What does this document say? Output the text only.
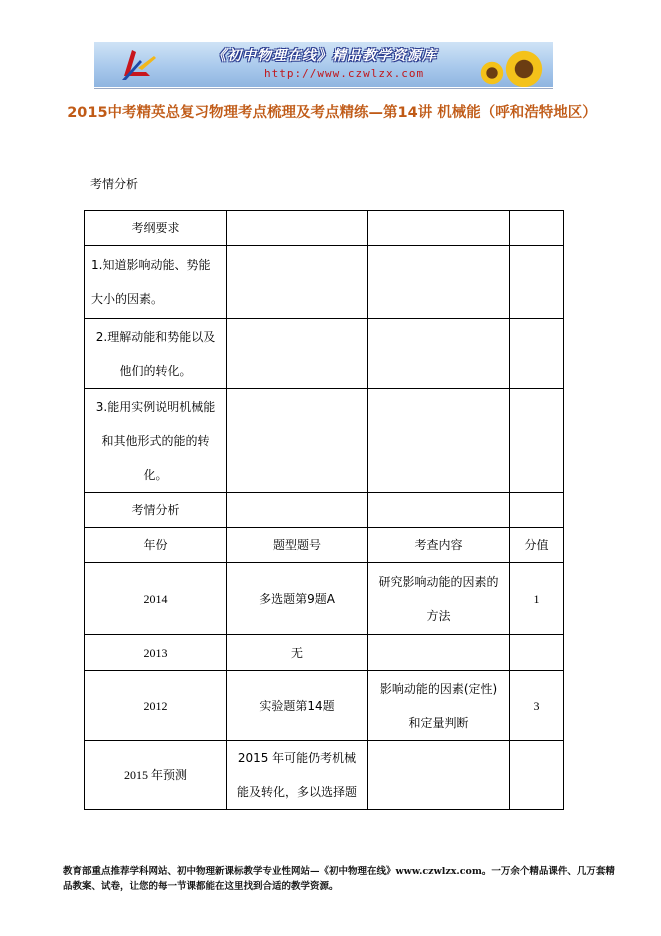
《初中物理在线》精品教学资源库
http://www.czwlzx.com
2015中考精英总复习物理考点梳理及考点精练—第14讲 机械能（呼和浩特地区）
考情分析
考纲要求			
1.知道影响动能、势能大小的因素。			
2.理解动能和势能以及他们的转化。			
3.能用实例说明机械能和其他形式的能的转化。			
考情分析			
年份	题型题号	考查内容	分值
2014	多选题第9题A	研究影响动能的因素的方法	1
2013	无		
2012	实验题第14题	影响动能的因素(定性)和定量判断	3
2015 年预测	2015 年可能仍考机械能及转化，多以选择题		
教育部重点推荐学科网站、初中物理新课标教学专业性网站—《初中物理在线》www.czwlzx.com。一万余个精品课件、几万套精品教案、试卷，让您的每一节课都能在这里找到合适的教学资源。
